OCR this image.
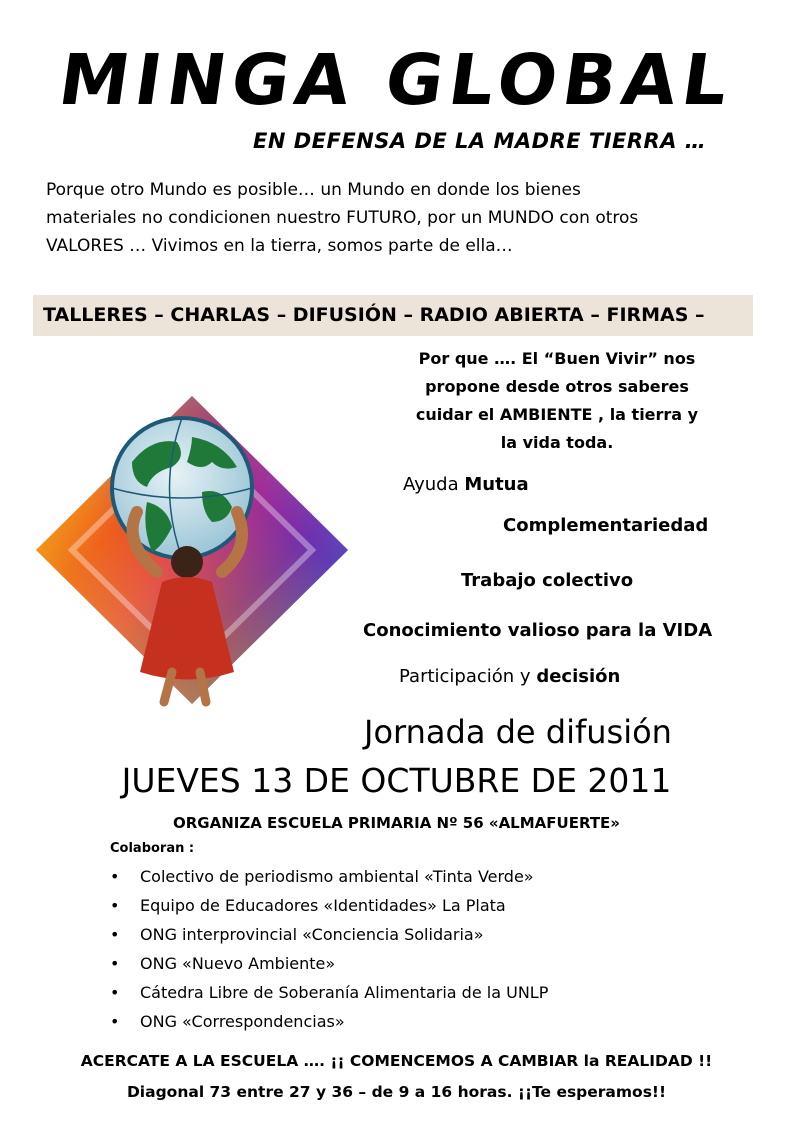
MINGA GLOBAL
EN DEFENSA DE LA MADRE TIERRA …
Porque otro Mundo es posible… un Mundo en donde los bienes
materiales no condicionen nuestro FUTURO, por un MUNDO con otros
VALORES … Vivimos en la tierra, somos parte de ella…
TALLERES – CHARLAS – DIFUSIÓN – RADIO ABIERTA – FIRMAS –
Por que …. El “Buen Vivir” nos
propone desde otros saberes
cuidar el AMBIENTE , la tierra y
la vida toda.
Ayuda Mutua
Complementariedad
Trabajo colectivo
Conocimiento valioso para la VIDA
Participación y decisión
Jornada de difusión
JUEVES 13 DE OCTUBRE DE 2011
ORGANIZA ESCUELA PRIMARIA Nº 56 «ALMAFUERTE»
Colaboran :
• Colectivo de periodismo ambiental «Tinta Verde»
• Equipo de Educadores «Identidades» La Plata
• ONG interprovincial «Conciencia Solidaria»
• ONG «Nuevo Ambiente»
• Cátedra Libre de Soberanía Alimentaria de la UNLP
• ONG «Correspondencias»
ACERCATE A LA ESCUELA …. ¡¡ COMENCEMOS A CAMBIAR la REALIDAD !!
Diagonal 73 entre 27 y 36 – de 9 a 16 horas. ¡¡Te esperamos!!
